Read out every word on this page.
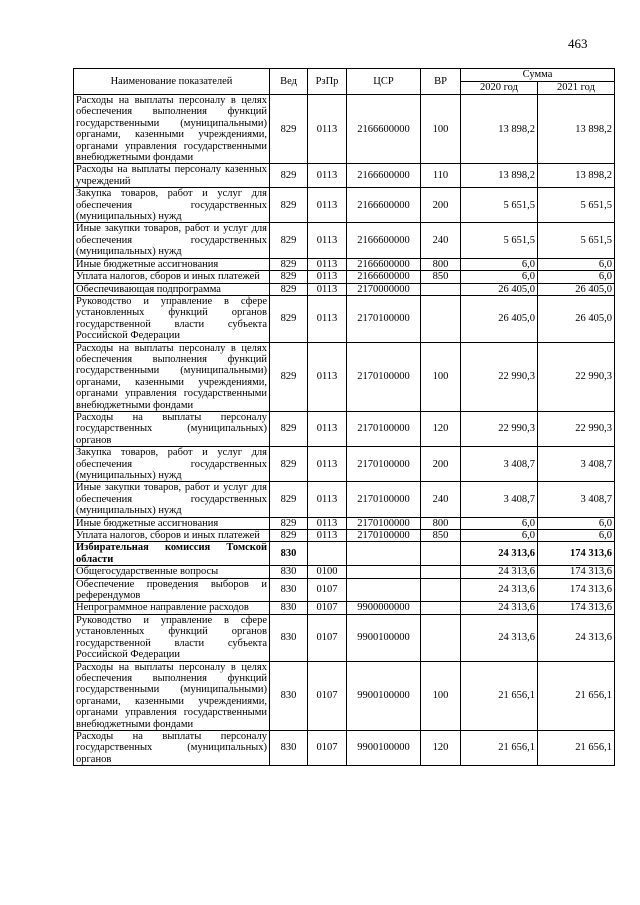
463
Наименование показателей	Вед	РзПр	ЦСР	ВР	Сумма	
					2020 год	2021 год
Расходы на выплаты персоналу в целях обеспечения выполнения функций государственными (муниципальными) органами, казенными учреждениями, органами управления государственными внебюджетными фондами	829	0113	2166600000	100	13 898,2	13 898,2
Расходы на выплаты персоналу казенных учреждений	829	0113	2166600000	110	13 898,2	13 898,2
Закупка товаров, работ и услуг для обеспечения государственных (муниципальных) нужд	829	0113	2166600000	200	5 651,5	5 651,5
Иные закупки товаров, работ и услуг для обеспечения государственных (муниципальных) нужд	829	0113	2166600000	240	5 651,5	5 651,5
Иные бюджетные ассигнования	829	0113	2166600000	800	6,0	6,0
Уплата налогов, сборов и иных платежей	829	0113	2166600000	850	6,0	6,0
Обеспечивающая подпрограмма	829	0113	2170000000		26 405,0	26 405,0
Руководство и управление в сфере установленных функций органов государственной власти субъекта Российской Федерации	829	0113	2170100000		26 405,0	26 405,0
Расходы на выплаты персоналу в целях обеспечения выполнения функций государственными (муниципальными) органами, казенными учреждениями, органами управления государственными внебюджетными фондами	829	0113	2170100000	100	22 990,3	22 990,3
Расходы на выплаты персоналу государственных (муниципальных) органов	829	0113	2170100000	120	22 990,3	22 990,3
Закупка товаров, работ и услуг для обеспечения государственных (муниципальных) нужд	829	0113	2170100000	200	3 408,7	3 408,7
Иные закупки товаров, работ и услуг для обеспечения государственных (муниципальных) нужд	829	0113	2170100000	240	3 408,7	3 408,7
Иные бюджетные ассигнования	829	0113	2170100000	800	6,0	6,0
Уплата налогов, сборов и иных платежей	829	0113	2170100000	850	6,0	6,0
Избирательная комиссия Томской области	830				24 313,6	174 313,6
Общегосударственные вопросы	830	0100			24 313,6	174 313,6
Обеспечение проведения выборов и референдумов	830	0107			24 313,6	174 313,6
Непрограммное направление расходов	830	0107	9900000000		24 313,6	174 313,6
Руководство и управление в сфере установленных функций органов государственной власти субъекта Российской Федерации	830	0107	9900100000		24 313,6	24 313,6
Расходы на выплаты персоналу в целях обеспечения выполнения функций государственными (муниципальными) органами, казенными учреждениями, органами управления государственными внебюджетными фондами	830	0107	9900100000	100	21 656,1	21 656,1
Расходы на выплаты персоналу государственных (муниципальных) органов	830	0107	9900100000	120	21 656,1	21 656,1
